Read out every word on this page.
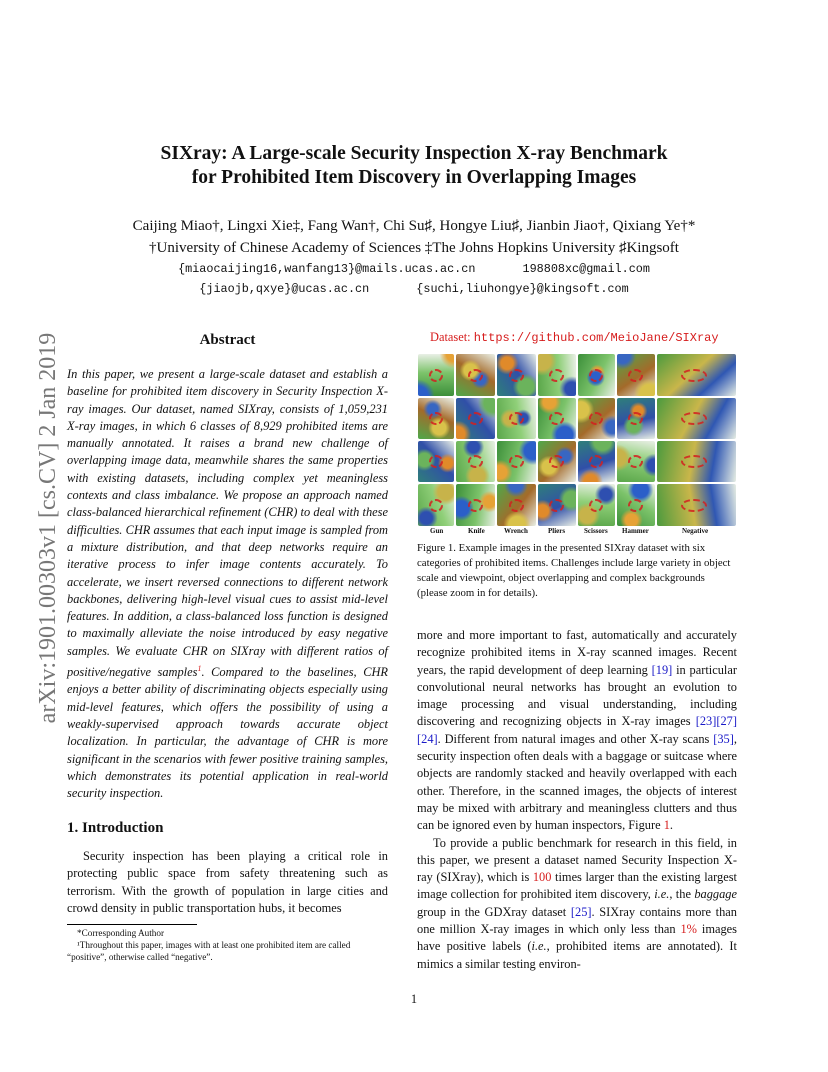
SIXray: A Large-scale Security Inspection X-ray Benchmark
for Prohibited Item Discovery in Overlapping Images
Caijing Miao†, Lingxi Xie‡, Fang Wan†, Chi Su♯, Hongye Liu♯, Jianbin Jiao†, Qixiang Ye†*
†University of Chinese Academy of Sciences ‡The Johns Hopkins University ♯Kingsoft
{miaocaijing16,wanfang13}@mails.ucas.ac.cn	198808xc@gmail.com
{jiaojb,qxye}@ucas.ac.cn	{suchi,liuhongye}@kingsoft.com
arXiv:1901.00303v1 [cs.CV] 2 Jan 2019	Abstract
In this paper, we present a large-scale dataset and establish a baseline for prohibited item discovery in Security Inspection X-ray images. Our dataset, named SIXray, consists of 1,059,231 X-ray images, in which 6 classes of 8,929 prohibited items are manually annotated. It raises a brand new challenge of overlapping image data, meanwhile shares the same properties with existing datasets, including complex yet meaningless contexts and class imbalance. We propose an approach named class-balanced hierarchical refinement (CHR) to deal with these difficulties. CHR assumes that each input image is sampled from a mixture distribution, and that deep networks require an iterative process to infer image contents accurately. To accelerate, we insert reversed connections to different network backbones, delivering high-level visual cues to assist mid-level features. In addition, a class-balanced loss function is designed to maximally alleviate the noise introduced by easy negative samples. We evaluate CHR on SIXray with different ratios of positive/negative samples$^1$. Compared to the baselines, CHR enjoys a better ability of discriminating objects especially using mid-level features, which offers the possibility of using a weakly-supervised approach towards accurate object localization. In particular, the advantage of CHR is more significant in the scenarios with fewer positive training samples, which demonstrates its potential application in real-world security inspection.
1. Introduction
Security inspection has been playing a critical role in protecting public space from safety threatening such as terrorism. With the growth of population in large cities and crowd density in public transportation hubs, it becomes
*Corresponding Author
¹Throughout this paper, images with at least one prohibited item are called “positive”, otherwise called “negative”.
Dataset: https://github.com/MeioJane/SIXray
Gun	Knife	Wrench	Pliers	Scissors Hammer	Negative
Figure 1. Example images in the presented SIXray dataset with six categories of prohibited items. Challenges include large variety in object scale and viewpoint, object overlapping and complex backgrounds (please zoom in for details).

more and more important to fast, automatically and accurately recognize prohibited items in X-ray scanned images. Recent years, the rapid development of deep learning [19] in particular convolutional neural networks has brought an evolution to image processing and visual understanding, including discovering and recognizing objects in X-ray images [23][27][24]. Different from natural images and other X-ray scans [35], security inspection often deals with a baggage or suitcase where objects are randomly stacked and heavily overlapped with each other. Therefore, in the scanned images, the objects of interest may be mixed with arbitrary and meaningless clutters and thus can be ignored even by human inspectors, Figure 1.

To provide a public benchmark for research in this field, in this paper, we present a dataset named Security Inspection X-ray (SIXray), which is 100 times larger than the existing largest image collection for prohibited item discovery, i.e., the baggage group in the GDXray dataset [25]. SIXray contains more than one million X-ray images in which only less than 1% images have positive labels (i.e., prohibited items are annotated). It mimics a similar testing environ-

1
